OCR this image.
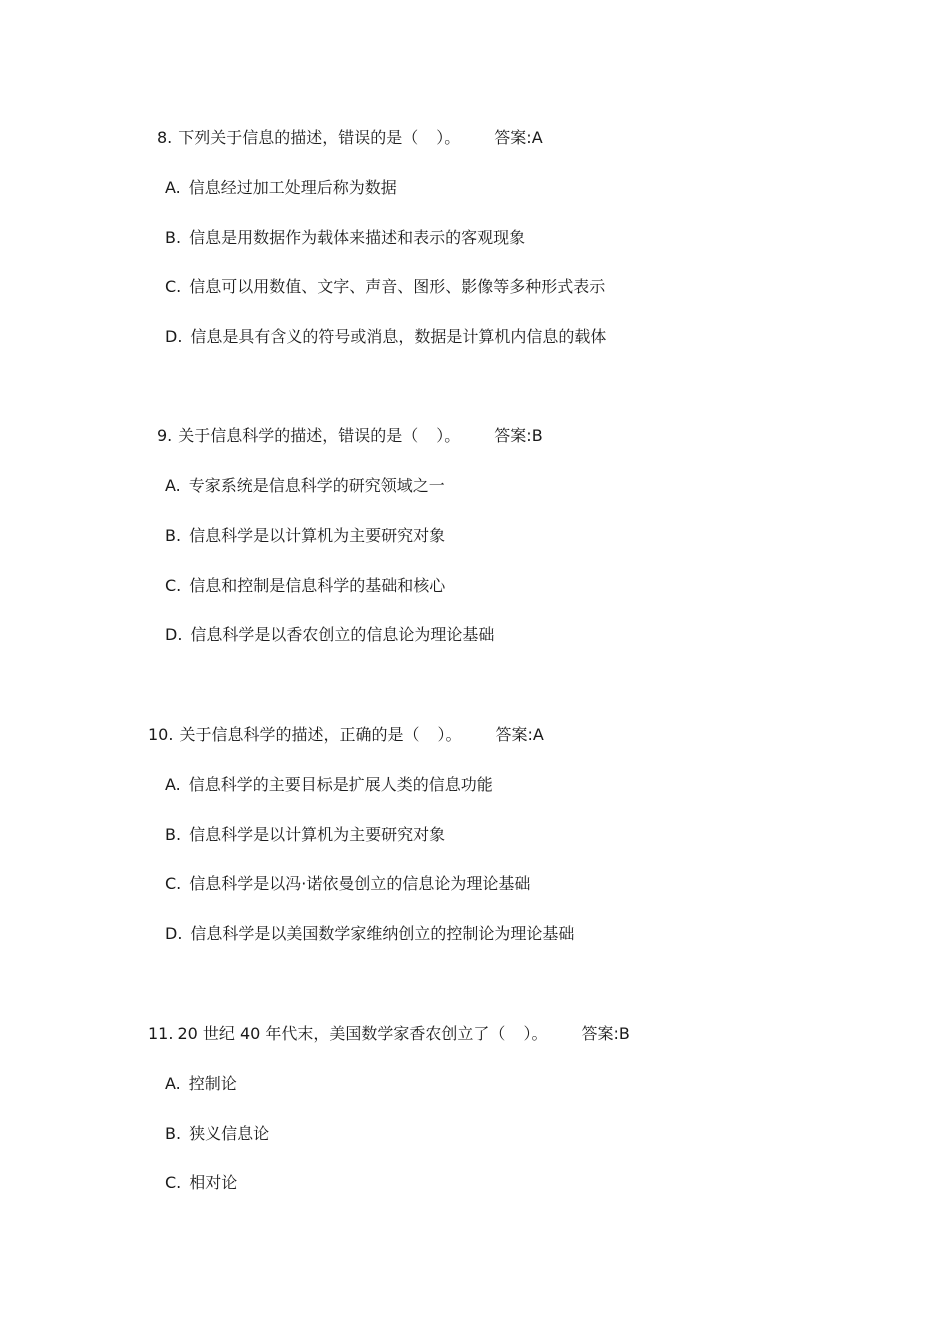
8. 下列关于信息的描述，错误的是（ ）。 答案:A
A. 信息经过加工处理后称为数据
B. 信息是用数据作为载体来描述和表示的客观现象
C. 信息可以用数值、文字、声音、图形、影像等多种形式表示
D. 信息是具有含义的符号或消息，数据是计算机内信息的载体
9. 关于信息科学的描述，错误的是（ ）。 答案:B
A. 专家系统是信息科学的研究领域之一
B. 信息科学是以计算机为主要研究对象
C. 信息和控制是信息科学的基础和核心
D. 信息科学是以香农创立的信息论为理论基础
10. 关于信息科学的描述，正确的是（ ）。 答案:A
A. 信息科学的主要目标是扩展人类的信息功能
B. 信息科学是以计算机为主要研究对象
C. 信息科学是以冯·诺依曼创立的信息论为理论基础
D. 信息科学是以美国数学家维纳创立的控制论为理论基础
11. 20 世纪 40 年代末，美国数学家香农创立了（ ）。 答案:B
A. 控制论
B. 狭义信息论
C. 相对论
